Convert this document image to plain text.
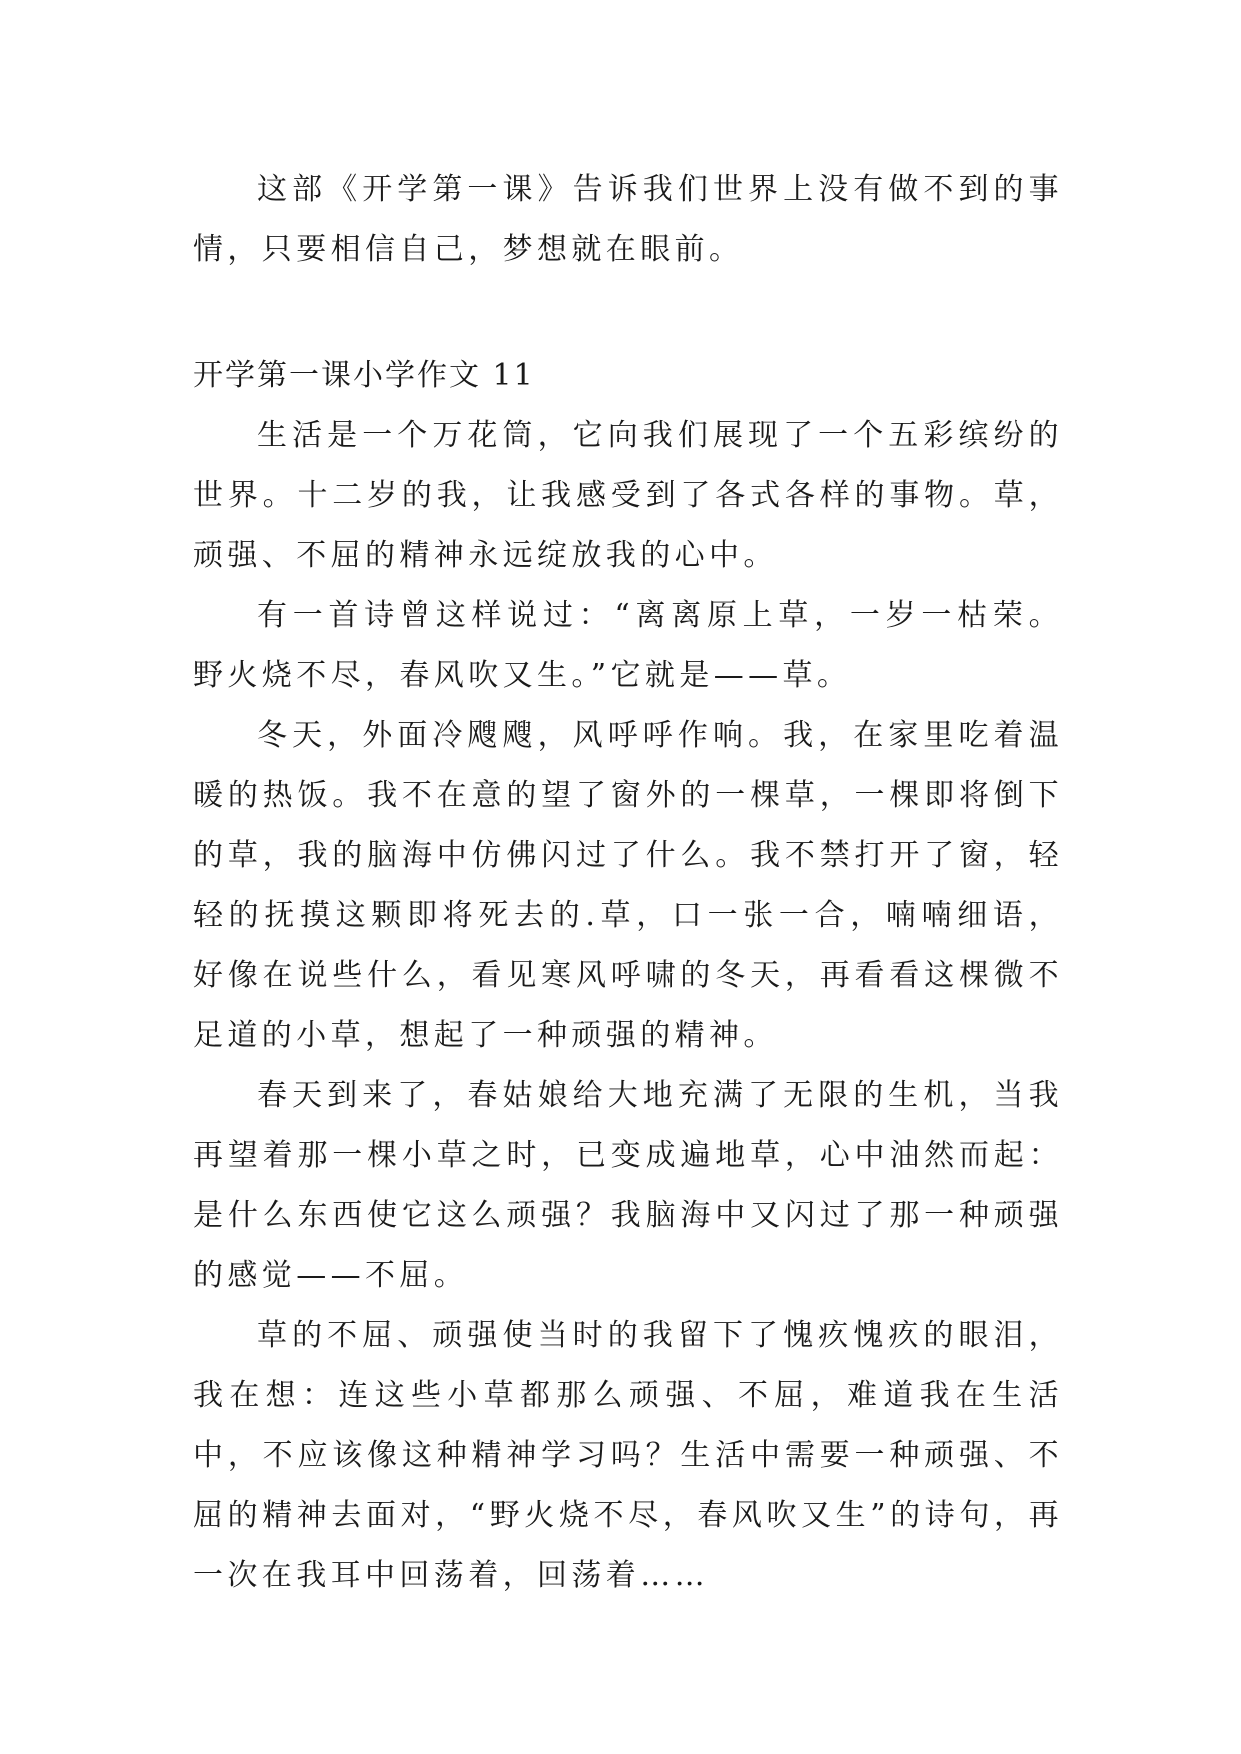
这部《开学第一课》告诉我们世界上没有做不到的事情，只要相信自己，梦想就在眼前。

开学第一课小学作文 11

生活是一个万花筒，它向我们展现了一个五彩缤纷的世界。十二岁的我，让我感受到了各式各样的事物。草，顽强、不屈的精神永远绽放我的心中。

有一首诗曾这样说过：“离离原上草，一岁一枯荣。野火烧不尽，春风吹又生。”它就是——草。

冬天，外面冷飕飕，风呼呼作响。我，在家里吃着温暖的热饭。我不在意的望了窗外的一棵草，一棵即将倒下的草，我的脑海中仿佛闪过了什么。我不禁打开了窗，轻轻的抚摸这颗即将死去的.草，口一张一合，喃喃细语，好像在说些什么，看见寒风呼啸的冬天，再看看这棵微不足道的小草，想起了一种顽强的精神。

春天到来了，春姑娘给大地充满了无限的生机，当我再望着那一棵小草之时，已变成遍地草，心中油然而起：是什么东西使它这么顽强？我脑海中又闪过了那一种顽强的感觉——不屈。

草的不屈、顽强使当时的我留下了愧疚愧疚的眼泪，我在想：连这些小草都那么顽强、不屈，难道我在生活中，不应该像这种精神学习吗？生活中需要一种顽强、不屈的精神去面对，“野火烧不尽，春风吹又生”的诗句，再一次在我耳中回荡着，回荡着……
